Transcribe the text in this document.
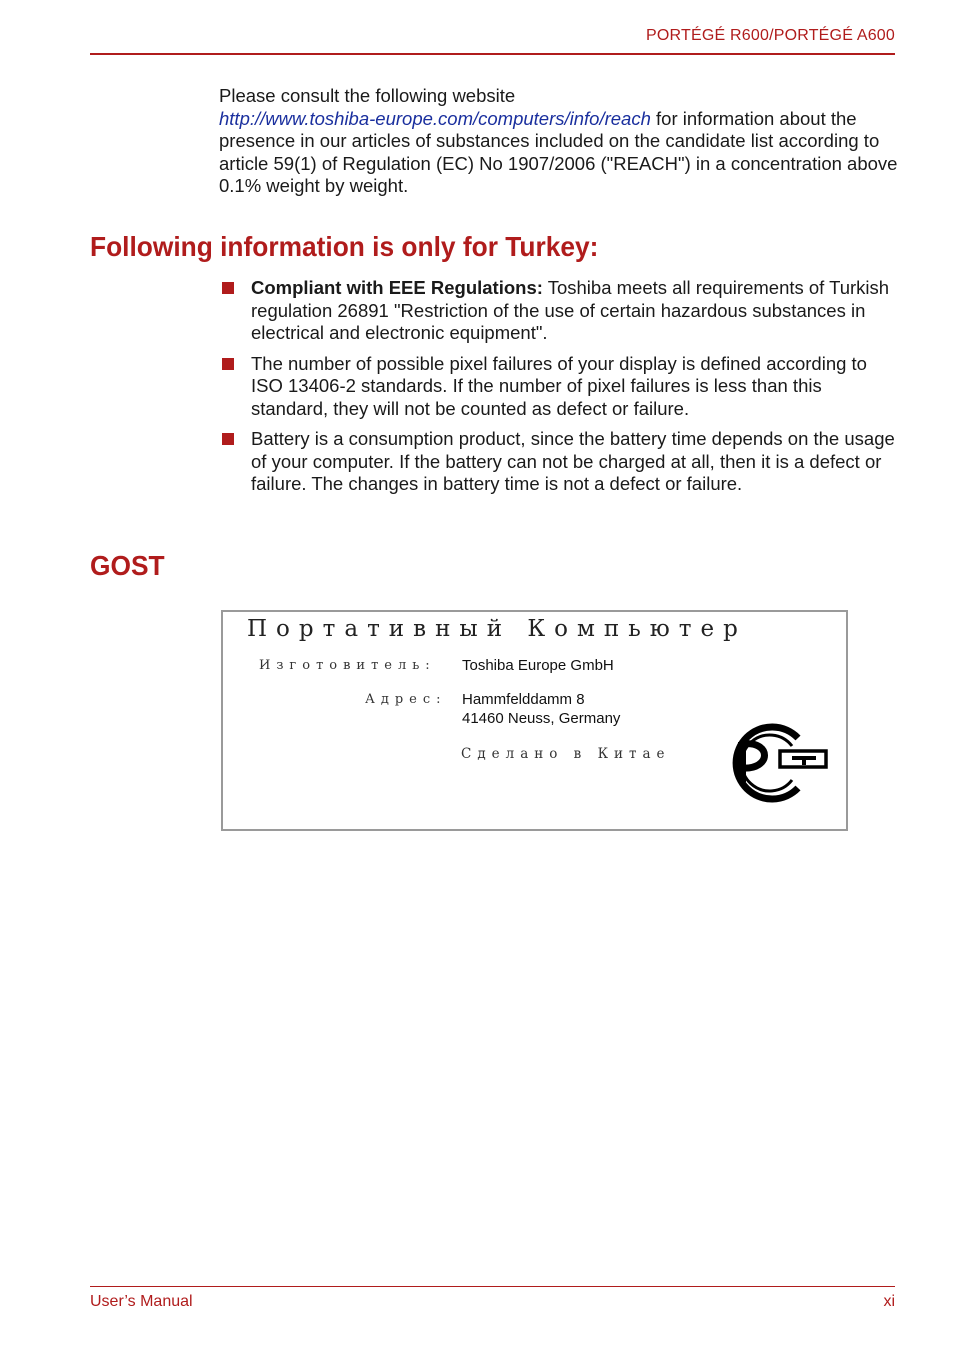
PORTÉGÉ R600/PORTÉGÉ A600
Please consult the following website
http://www.toshiba-europe.com/computers/info/reach for information about the presence in our articles of substances included on the candidate list according to article 59(1) of Regulation (EC) No 1907/2006 ("REACH") in a concentration above 0.1% weight by weight.
Following information is only for Turkey:
Compliant with EEE Regulations: Toshiba meets all requirements of Turkish regulation 26891 "Restriction of the use of certain hazardous substances in electrical and electronic equipment".
The number of possible pixel failures of your display is defined according to ISO 13406-2 standards. If the number of pixel failures is less than this standard, they will not be counted as defect or failure.
Battery is a consumption product, since the battery time depends on the usage of your computer. If the battery can not be charged at all, then it is a defect or failure. The changes in battery time is not a defect or failure.
GOST
Портативный Компьютер
Изготовитель: Toshiba Europe GmbH
Адрес: Hammfelddamm 8
41460 Neuss, Germany
Сделано в Китае
User’s Manual	xi
